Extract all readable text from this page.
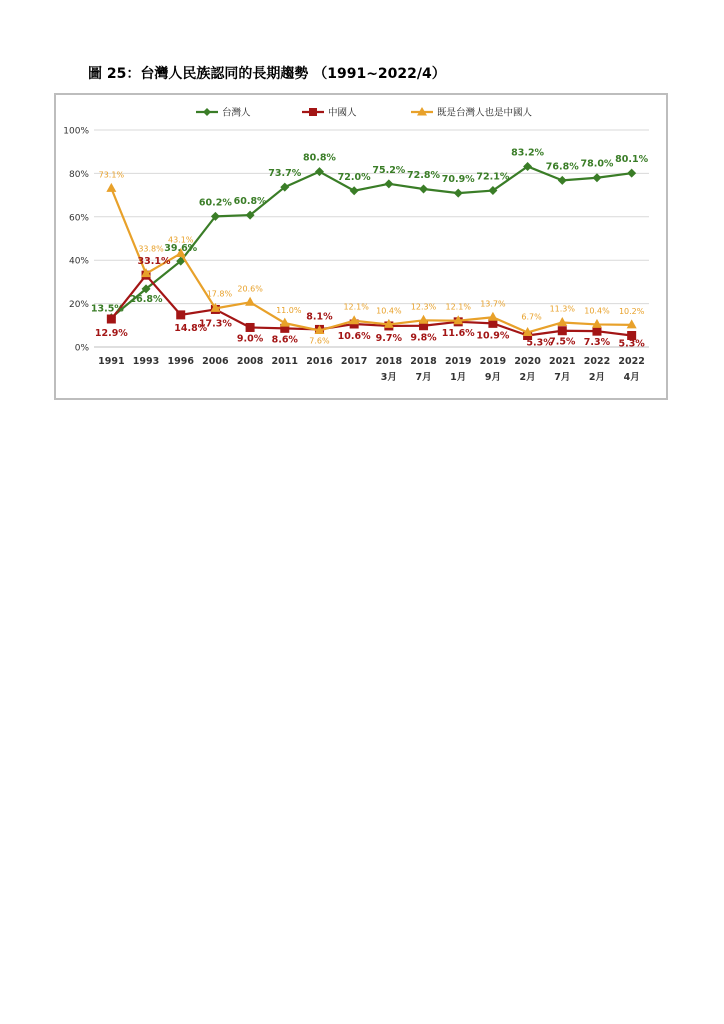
圖 25：台灣人民族認同的長期趨勢 （1991~2022/4）
0%
20%
40%
60%
80%
100%
1991 1993 1996 2006 2008 2011 2016 2017 2018
3月
2018
7月
2019
1月
2019
9月
2020
2月
2021
7月
2022
2月
2022
4月
13.5%
26.8%
39.6%
60.2% 60.8%
73.7%
80.8%
72.0%
75.2% 72.8% 70.9% 72.1%
83.2%
76.8% 78.0% 80.1%
12.9%
33.1%
14.8%
17.3%
9.0% 8.6%
8.1%
10.6% 9.7% 9.8% 11.6% 10.9%
5.3%
7.5% 7.3% 5.3%
73.1%
33.8%
43.1%
17.8%
20.6%
11.0%
7.6%
12.1% 10.4% 12.3% 12.1% 13.7%
6.7%
11.3% 10.4% 10.2%
台灣人	中國人	既是台灣人也是中國人
